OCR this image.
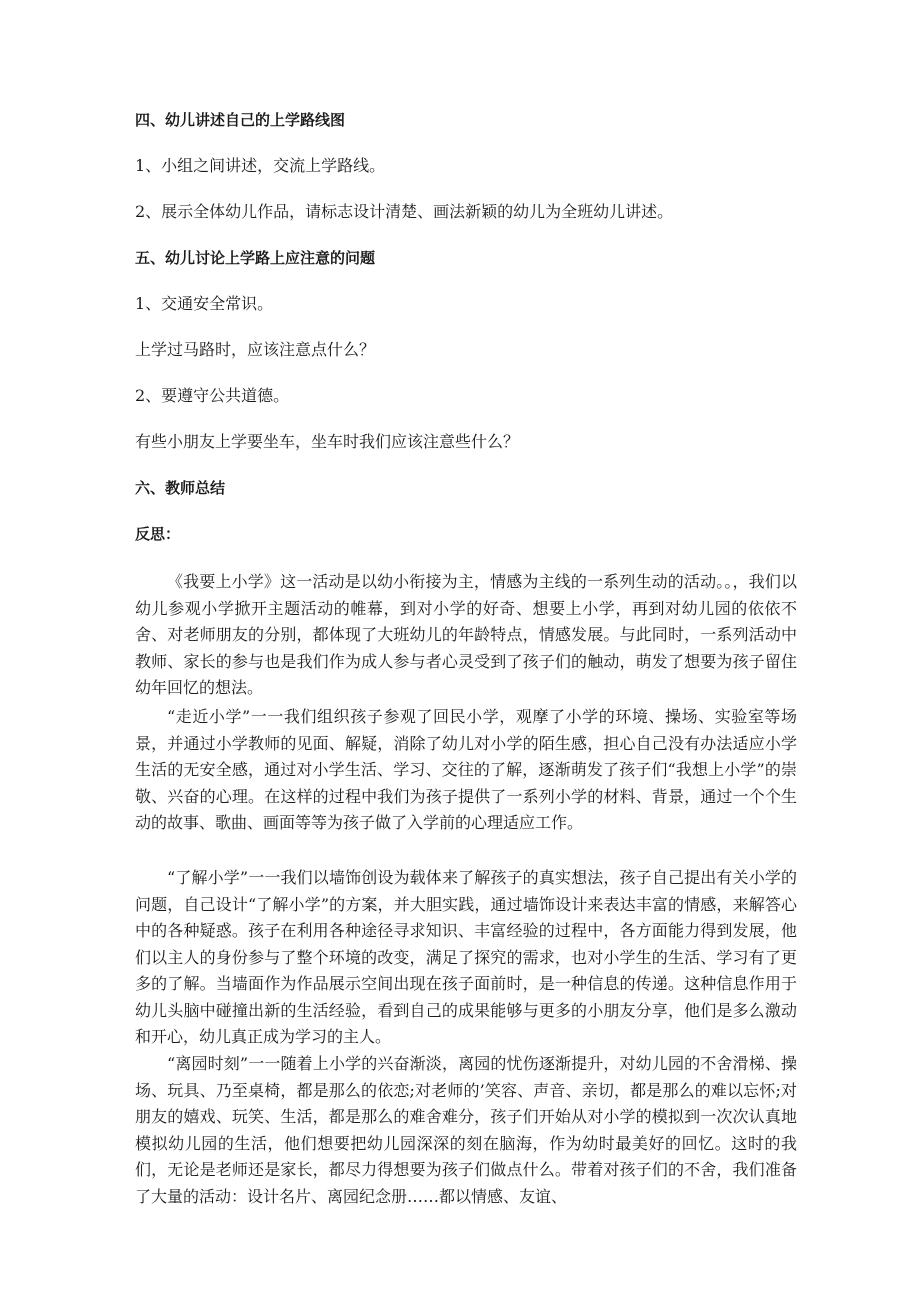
四、幼儿讲述自己的上学路线图
1、小组之间讲述，交流上学路线。
2、展示全体幼儿作品，请标志设计清楚、画法新颖的幼儿为全班幼儿讲述。
五、幼儿讨论上学路上应注意的问题
1、交通安全常识。
上学过马路时，应该注意点什么？
2、要遵守公共道德。
有些小朋友上学要坐车，坐车时我们应该注意些什么？
六、教师总结
反思：

《我要上小学》这一活动是以幼小衔接为主，情感为主线的一系列生动的活动。。，我们以幼儿参观小学掀开主题活动的帷幕，到对小学的好奇、想要上小学，再到对幼儿园的依依不舍、对老师朋友的分别，都体现了大班幼儿的年龄特点，情感发展。与此同时，一系列活动中教师、家长的参与也是我们作为成人参与者心灵受到了孩子们的触动，萌发了想要为孩子留住幼年回忆的想法。

“走近小学”一一我们组织孩子参观了回民小学，观摩了小学的环境、操场、实验室等场景，并通过小学教师的见面、解疑，消除了幼儿对小学的陌生感，担心自己没有办法适应小学生活的无安全感，通过对小学生活、学习、交往的了解，逐渐萌发了孩子们“我想上小学”的崇敬、兴奋的心理。在这样的过程中我们为孩子提供了一系列小学的材料、背景，通过一个个生动的故事、歌曲、画面等等为孩子做了入学前的心理适应工作。

“了解小学”一一我们以墙饰创设为载体来了解孩子的真实想法，孩子自己提出有关小学的问题，自己设计“了解小学”的方案，并大胆实践，通过墙饰设计来表达丰富的情感，来解答心中的各种疑惑。孩子在利用各种途径寻求知识、丰富经验的过程中，各方面能力得到发展，他们以主人的身份参与了整个环境的改变，满足了探究的需求，也对小学生的生活、学习有了更多的了解。当墙面作为作品展示空间出现在孩子面前时，是一种信息的传递。这种信息作用于幼儿头脑中碰撞出新的生活经验，看到自己的成果能够与更多的小朋友分享，他们是多么激动和开心，幼儿真正成为学习的主人。

“离园时刻”一一随着上小学的兴奋渐淡，离园的忧伤逐渐提升，对幼儿园的不舍滑梯、操场、玩具、乃至桌椅，都是那么的依恋;对老师的’笑容、声音、亲切，都是那么的难以忘怀;对朋友的嬉戏、玩笑、生活，都是那么的难舍难分，孩子们开始从对小学的模拟到一次次认真地模拟幼儿园的生活，他们想要把幼儿园深深的刻在脑海，作为幼时最美好的回忆。这时的我们，无论是老师还是家长，都尽力得想要为孩子们做点什么。带着对孩子们的不舍，我们准备了大量的活动：设计名片、离园纪念册……都以情感、友谊、
